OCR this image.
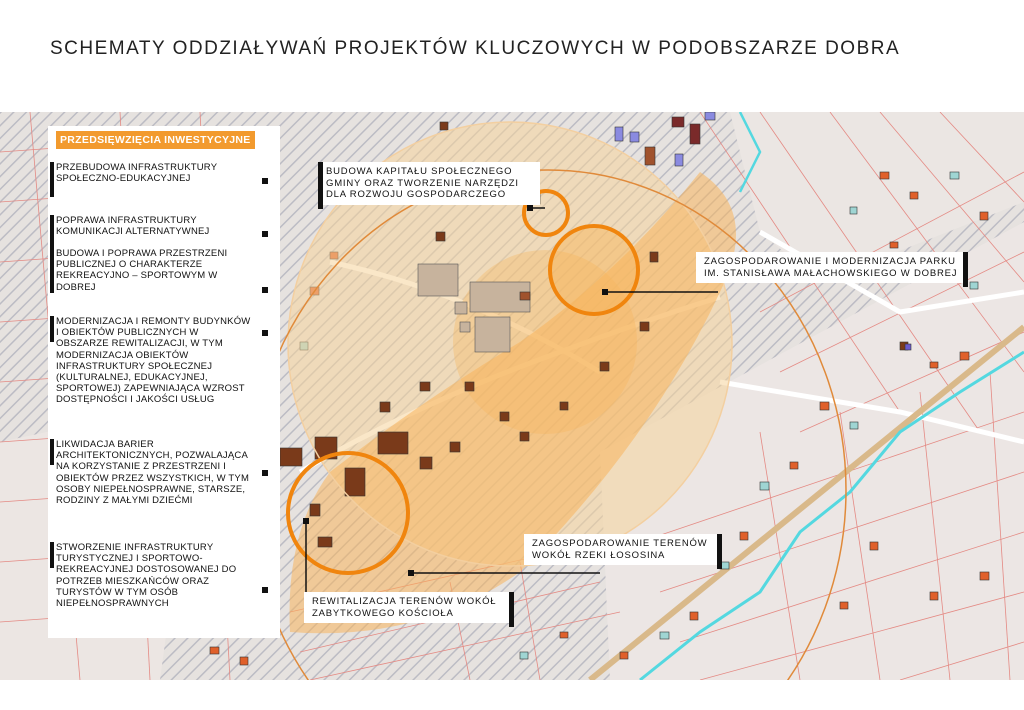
SCHEMATY ODDZIAŁYWAŃ PROJEKTÓW KLUCZOWYCH W PODOBSZARZE DOBRA
PRZEDSIĘWZIĘCIA INWESTYCYJNE
PRZEBUDOWA INFRASTRUKTURY SPOŁECZNO-EDUKACYJNEJ
POPRAWA INFRASTRUKTURY KOMUNIKACJI ALTERNATYWNEJ
BUDOWA I POPRAWA PRZESTRZENI PUBLICZNEJ O CHARAKTERZE REKREACYJNO – SPORTOWYM W DOBREJ
MODERNIZACJA I REMONTY BUDYNKÓW I OBIEKTÓW PUBLICZNYCH W OBSZARZE REWITALIZACJI, W TYM MODERNIZACJA OBIEKTÓW INFRASTRUKTURY SPOŁECZNEJ (KULTURALNEJ, EDUKACYJNEJ, SPORTOWEJ) ZAPEWNIAJĄCA WZROST DOSTĘPNOŚCI I JAKOŚCI USŁUG
LIKWIDACJA BARIER ARCHITEKTONICZNYCH, POZWALAJĄCA NA KORZYSTANIE Z PRZESTRZENI I OBIEKTÓW PRZEZ WSZYSTKICH, W TYM OSOBY NIEPEŁNOSPRAWNE, STARSZE, RODZINY Z MAŁYMI DZIEĆMI
STWORZENIE INFRASTRUKTURY TURYSTYCZNEJ I SPORTOWO-REKREACYJNEJ DOSTOSOWANEJ DO POTRZEB MIESZKAŃCÓW ORAZ TURYSTÓW W TYM OSÓB NIEPEŁNOSPRAWNYCH
BUDOWA KAPITAŁU SPOŁECZNEGO GMINY ORAZ TWORZENIE NARZĘDZI DLA ROZWOJU GOSPODARCZEGO
ZAGOSPODAROWANIE I MODERNIZACJA PARKU IM. STANISŁAWA MAŁACHOWSKIEGO W DOBREJ
ZAGOSPODAROWANIE TERENÓW WOKÓŁ RZEKI ŁOSOSINA
REWITALIZACJA TERENÓW WOKÓŁ ZABYTKOWEGO KOŚCIOŁA
